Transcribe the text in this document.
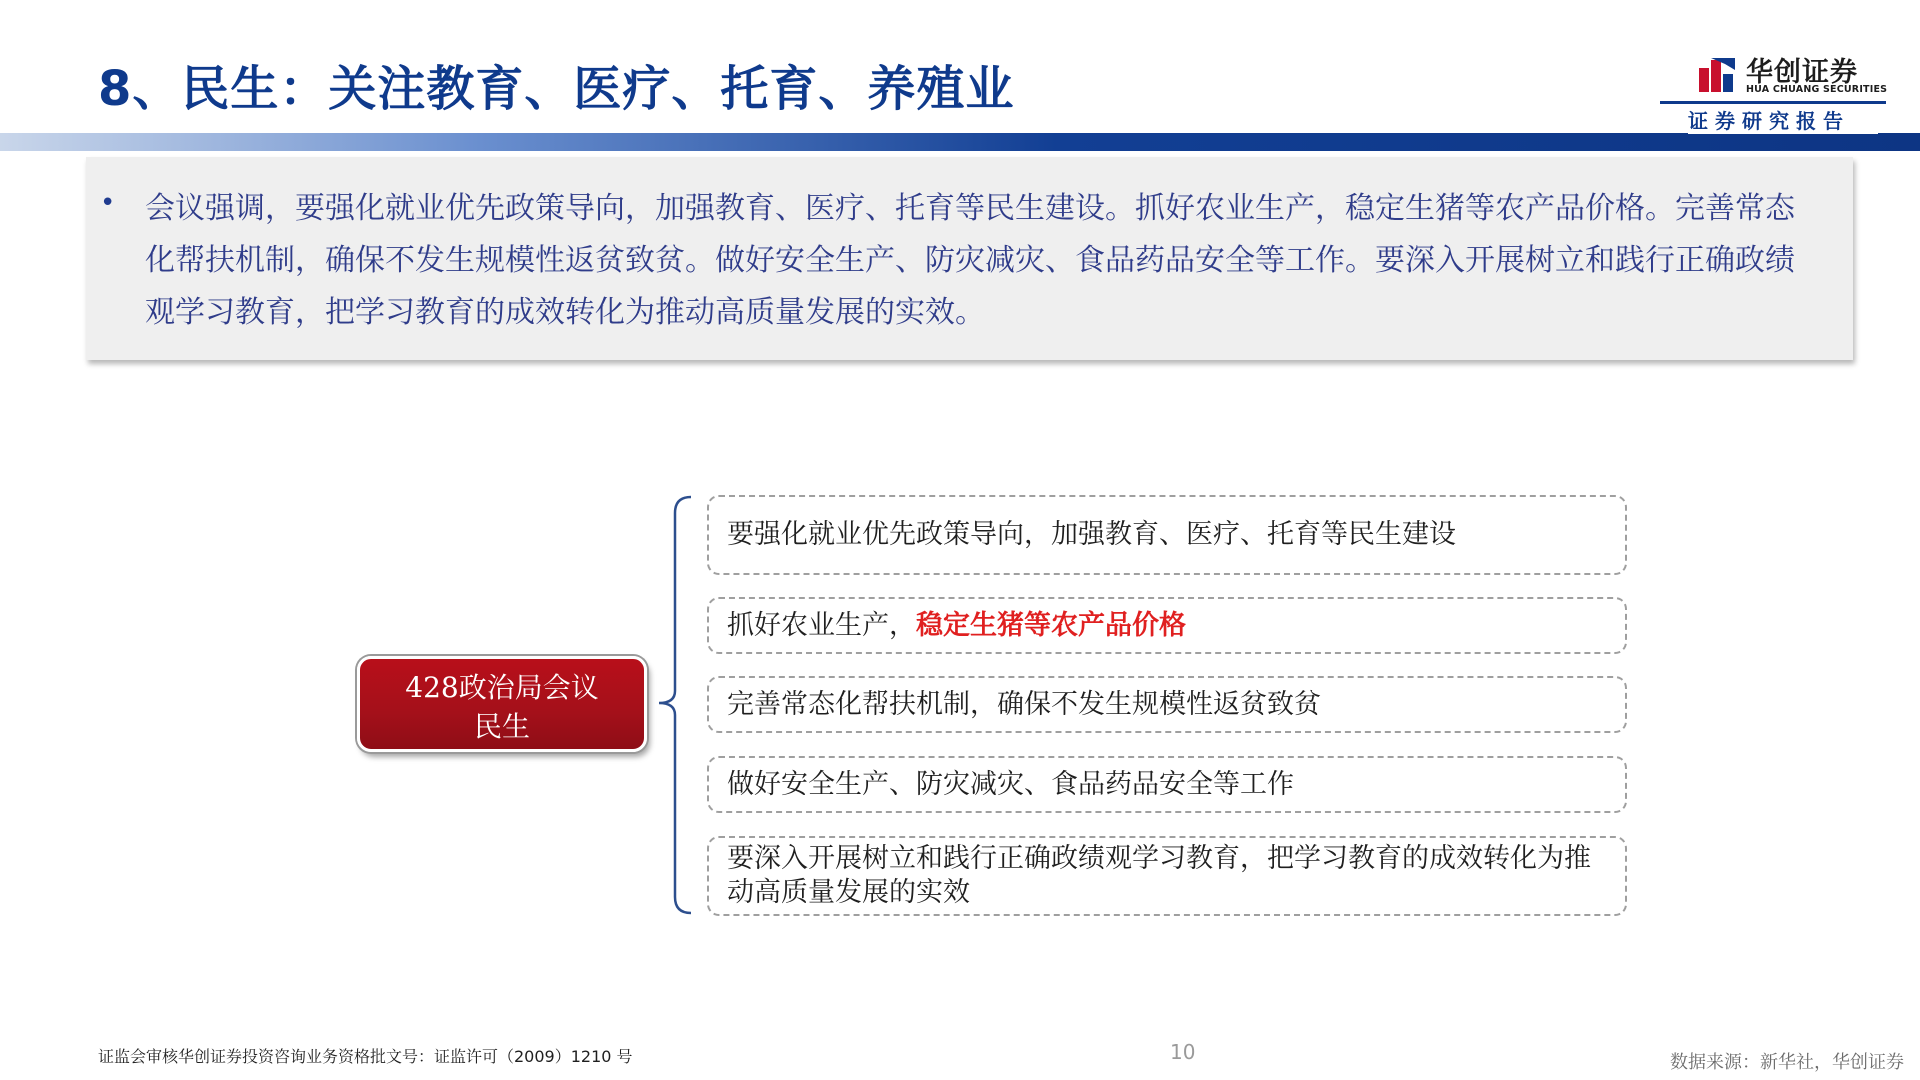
8、民生：关注教育、医疗、托育、养殖业	华创证券
HUA CHUANG SECURITIES
证券研究报告
• 会议强调，要强化就业优先政策导向，加强教育、医疗、托育等民生建设。抓好农业生产，稳定生猪等农产品价格。完善常态化帮扶机制，确保不发生规模性返贫致贫。做好安全生产、防灾减灾、食品药品安全等工作。要深入开展树立和践行正确政绩观学习教育，把学习教育的成效转化为推动高质量发展的实效。
428政治局会议
民生
要强化就业优先政策导向，加强教育、医疗、托育等民生建设
抓好农业生产， 稳定生猪等农产品价格
完善常态化帮扶机制，确保不发生规模性返贫致贫
做好安全生产、防灾减灾、食品药品安全等工作
要深入开展树立和践行正确政绩观学习教育，把学习教育的成效转化为推动高质量发展的实效
证监会审核华创证券投资咨询业务资格批文号：证监许可（2009）1210 号	10	数据来源：新华社，华创证券
